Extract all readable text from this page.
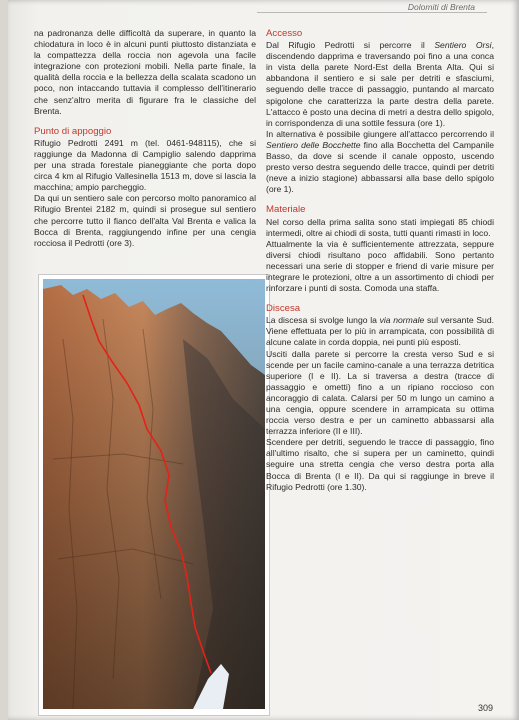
Dolomiti di Brenta

na padronanza delle difficoltà da superare, in quanto la chiodatura in loco è in alcuni punti piuttosto distanziata e la compattezza della roccia non agevola una facile integrazione con protezioni mobili. Nella parte finale, la qualità della roccia e la bellezza della scalata scadono un poco, non intaccando tuttavia il complesso dell'itinerario che senz'altro merita di figurare fra le classiche del Brenta.

Punto di appoggio

Rifugio Pedrotti 2491 m (tel. 0461-948115), che si raggiunge da Madonna di Campiglio salendo dapprima per una strada forestale pianeggiante che porta dopo circa 4 km al Rifugio Vallesinella 1513 m, dove si lascia la macchina; ampio parcheggio.

Da qui un sentiero sale con percorso molto panoramico al Rifugio Brentei 2182 m, quindi si prosegue sul sentiero che percorre tutto il fianco dell'alta Val Brenta e valica la Bocca di Brenta, raggiungendo infine per una cengia rocciosa il Pedrotti (ore 3).

Accesso

Dal Rifugio Pedrotti si percorre il Sentiero Orsi, discendendo dapprima e traversando poi fino a una conca in vista della parete Nord-Est della Brenta Alta. Qui si abbandona il sentiero e si sale per detriti e sfasciumi, seguendo delle tracce di passaggio, puntando al marcato spigolone che caratterizza la parte destra della parete. L'attacco è posto una decina di metri a destra dello spigolo, in corrispondenza di una sottile fessura (ore 1).

In alternativa è possibile giungere all'attacco percorrendo il Sentiero delle Bocchette fino alla Bocchetta del Campanile Basso, da dove si scende il canale opposto, uscendo presto verso destra seguendo delle tracce, quindi per detriti (neve a inizio stagione) abbassarsi alla base dello spigolo (ore 1).

Materiale

Nel corso della prima salita sono stati impiegati 85 chiodi intermedi, oltre ai chiodi di sosta, tutti quanti rimasti in loco.

Attualmente la via è sufficientemente attrezzata, seppure diversi chiodi risultano poco affidabili. Sono pertanto necessari una serie di stopper e friend di varie misure per integrare le protezioni, oltre a un assortimento di chiodi per rinforzare i punti di sosta. Comoda una staffa.

Discesa

La discesa si svolge lungo la via normale sul versante Sud. Viene effettuata per lo più in arrampicata, con possibilità di alcune calate in corda doppia, nei punti più esposti.

Usciti dalla parete si percorre la cresta verso Sud e si scende per un facile camino-canale a una terrazza detritica superiore (I e II). La si traversa a destra (tracce di passaggio e ometti) fino a un ripiano roccioso con ancoraggio di calata. Calarsi per 50 m lungo un camino a una cengia, oppure scendere in arrampicata su ottima roccia verso destra e per un caminetto abbassarsi alla terrazza inferiore (II e III).

Scendere per detriti, seguendo le tracce di passaggio, fino all'ultimo risalto, che si supera per un caminetto, quindi seguire una stretta cengia che verso destra porta alla Bocca di Brenta (I e II). Da qui si raggiunge in breve il Rifugio Pedrotti (ore 1.30).

309
